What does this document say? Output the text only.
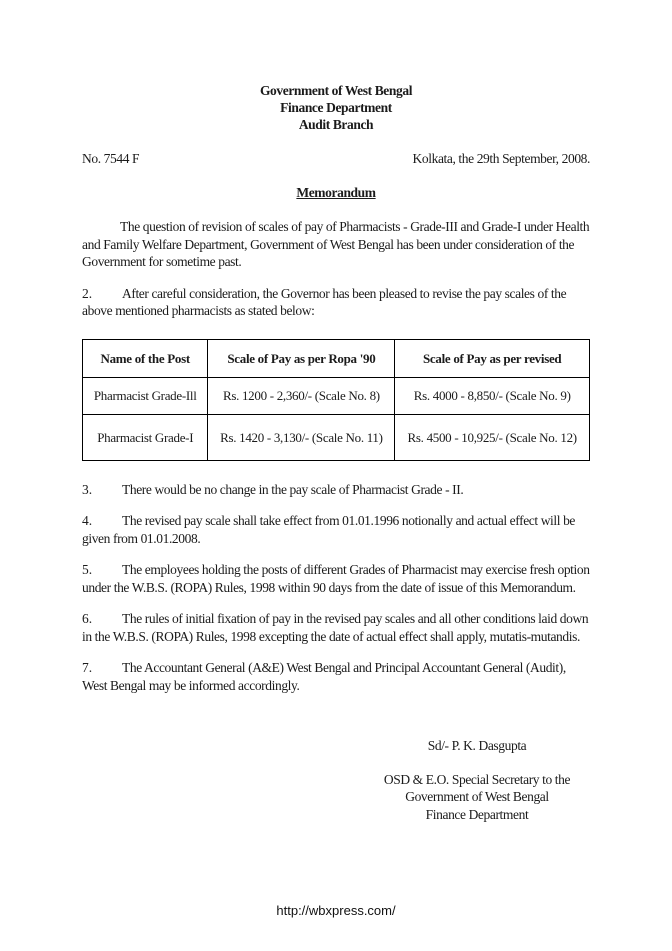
Government of West Bengal
Finance Department
Audit Branch
No. 7544 F	Kolkata, the 29th September, 2008.
Memorandum

The question of revision of scales of pay of Pharmacists - Grade-III and Grade-I under Health and Family Welfare Department, Government of West Bengal has been under consideration of the Government for sometime past.

2. After careful consideration, the Governor has been pleased to revise the pay scales of the above mentioned pharmacists as stated below:

Name of the Post	Scale of Pay as per Ropa '90	Scale of Pay as per revised
Pharmacist Grade-Ill	Rs. 1200 - 2,360/- (Scale No. 8)	Rs. 4000 - 8,850/- (Scale No. 9)
Pharmacist Grade-I	Rs. 1420 - 3,130/- (Scale No. 11)	Rs. 4500 - 10,925/- (Scale No. 12)

3. There would be no change in the pay scale of Pharmacist Grade - II.

4. The revised pay scale shall take effect from 01.01.1996 notionally and actual effect will be given from 01.01.2008.

5. The employees holding the posts of different Grades of Pharmacist may exercise fresh option under the W.B.S. (ROPA) Rules, 1998 within 90 days from the date of issue of this Memorandum.

6. The rules of initial fixation of pay in the revised pay scales and all other conditions laid down in the W.B.S. (ROPA) Rules, 1998 excepting the date of actual effect shall apply, mutatis-mutandis.

7. The Accountant General (A&E) West Bengal and Principal Accountant General (Audit), West Bengal may be informed accordingly.

Sd/- P. K. Dasgupta
OSD & E.O. Special Secretary to the
Government of West Bengal
Finance Department
http://wbxpress.com/
